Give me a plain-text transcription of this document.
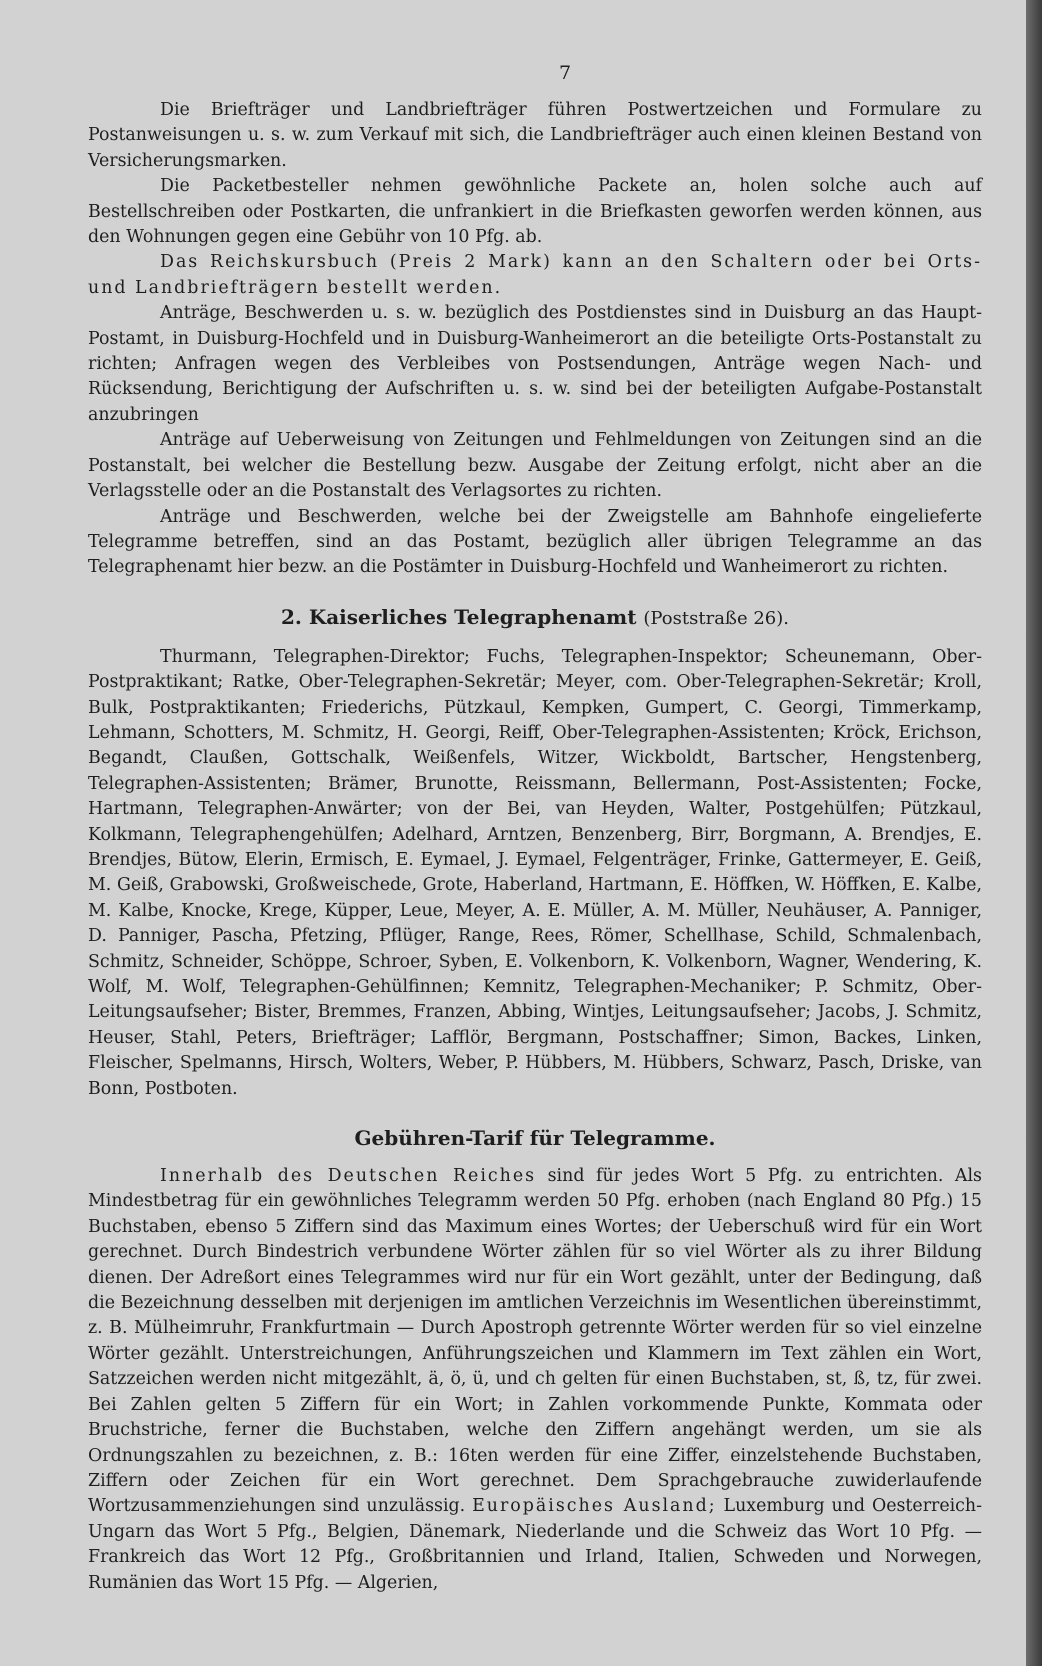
7

Die Briefträger und Landbriefträger führen Postwertzeichen und Formulare zu Postanweisungen u. s. w. zum Verkauf mit sich, die Landbriefträger auch einen kleinen Bestand von Versicherungsmarken.

Die Packetbesteller nehmen gewöhnliche Packete an, holen solche auch auf Bestellschreiben oder Postkarten, die unfrankiert in die Briefkasten geworfen werden können, aus den Wohnungen gegen eine Gebühr von 10 Pfg. ab.

Das Reichskursbuch (Preis 2 Mark) kann an den Schaltern oder bei Orts- und Landbriefträgern bestellt werden.

Anträge, Beschwerden u. s. w. bezüglich des Postdienstes sind in Duisburg an das Haupt-Postamt, in Duisburg-Hochfeld und in Duisburg-Wanheimerort an die beteiligte Orts-Postanstalt zu richten; Anfragen wegen des Verbleibes von Postsendungen, Anträge wegen Nach- und Rücksendung, Berichtigung der Aufschriften u. s. w. sind bei der beteiligten Aufgabe-Postanstalt anzubringen

Anträge auf Ueberweisung von Zeitungen und Fehlmeldungen von Zeitungen sind an die Postanstalt, bei welcher die Bestellung bezw. Ausgabe der Zeitung erfolgt, nicht aber an die Verlagsstelle oder an die Postanstalt des Verlagsortes zu richten.

Anträge und Beschwerden, welche bei der Zweigstelle am Bahnhofe eingelieferte Telegramme betreffen, sind an das Postamt, bezüglich aller übrigen Telegramme an das Telegraphenamt hier bezw. an die Postämter in Duisburg-Hochfeld und Wanheimerort zu richten.

2. Kaiserliches Telegraphenamt (Poststraße 26).

Thurmann, Telegraphen-Direktor; Fuchs, Telegraphen-Inspektor; Scheunemann, Ober-Postpraktikant; Ratke, Ober-Telegraphen-Sekretär; Meyer, com. Ober-Telegraphen-Sekretär; Kroll, Bulk, Postpraktikanten; Friederichs, Pützkaul, Kempken, Gumpert, C. Georgi, Timmerkamp, Lehmann, Schotters, M. Schmitz, H. Georgi, Reiff, Ober-Telegraphen-Assistenten; Kröck, Erichson, Begandt, Claußen, Gottschalk, Weißenfels, Witzer, Wickboldt, Bartscher, Hengstenberg, Telegraphen-Assistenten; Brämer, Brunotte, Reissmann, Bellermann, Post-Assistenten; Focke, Hartmann, Telegraphen-Anwärter; von der Bei, van Heyden, Walter, Postgehülfen; Pützkaul, Kolkmann, Telegraphengehülfen; Adelhard, Arntzen, Benzenberg, Birr, Borgmann, A. Brendjes, E. Brendjes, Bütow, Elerin, Ermisch, E. Eymael, J. Eymael, Felgenträger, Frinke, Gattermeyer, E. Geiß, M. Geiß, Grabowski, Großweischede, Grote, Haberland, Hartmann, E. Höffken, W. Höffken, E. Kalbe, M. Kalbe, Knocke, Krege, Küpper, Leue, Meyer, A. E. Müller, A. M. Müller, Neuhäuser, A. Panniger, D. Panniger, Pascha, Pfetzing, Pflüger, Range, Rees, Römer, Schellhase, Schild, Schmalenbach, Schmitz, Schneider, Schöppe, Schroer, Syben, E. Volkenborn, K. Volkenborn, Wagner, Wendering, K. Wolf, M. Wolf, Telegraphen-Gehülfinnen; Kemnitz, Telegraphen-Mechaniker; P. Schmitz, Ober-Leitungsaufseher; Bister, Bremmes, Franzen, Abbing, Wintjes, Leitungsaufseher; Jacobs, J. Schmitz, Heuser, Stahl, Peters, Briefträger; Lafflör, Bergmann, Postschaffner; Simon, Backes, Linken, Fleischer, Spelmanns, Hirsch, Wolters, Weber, P. Hübbers, M. Hübbers, Schwarz, Pasch, Driske, van Bonn, Postboten.

Gebühren-Tarif für Telegramme.

Innerhalb des Deutschen Reiches sind für jedes Wort 5 Pfg. zu entrichten. Als Mindestbetrag für ein gewöhnliches Telegramm werden 50 Pfg. erhoben (nach England 80 Pfg.) 15 Buchstaben, ebenso 5 Ziffern sind das Maximum eines Wortes; der Ueberschuß wird für ein Wort gerechnet. Durch Bindestrich verbundene Wörter zählen für so viel Wörter als zu ihrer Bildung dienen. Der Adreßort eines Telegrammes wird nur für ein Wort gezählt, unter der Bedingung, daß die Bezeichnung desselben mit derjenigen im amtlichen Verzeichnis im Wesentlichen übereinstimmt, z. B. Mülheimruhr, Frankfurtmain — Durch Apostroph getrennte Wörter werden für so viel einzelne Wörter gezählt. Unterstreichungen, Anführungszeichen und Klammern im Text zählen ein Wort, Satzzeichen werden nicht mitgezählt, ä, ö, ü, und ch gelten für einen Buchstaben, st, ß, tz, für zwei. Bei Zahlen gelten 5 Ziffern für ein Wort; in Zahlen vorkommende Punkte, Kommata oder Bruchstriche, ferner die Buchstaben, welche den Ziffern angehängt werden, um sie als Ordnungszahlen zu bezeichnen, z. B.: 16ten werden für eine Ziffer, einzelstehende Buchstaben, Ziffern oder Zeichen für ein Wort gerechnet. Dem Sprachgebrauche zuwiderlaufende Wortzusammenziehungen sind unzulässig. Europäisches Ausland; Luxemburg und Oesterreich-Ungarn das Wort 5 Pfg., Belgien, Dänemark, Niederlande und die Schweiz das Wort 10 Pfg. — Frankreich das Wort 12 Pfg., Großbritannien und Irland, Italien, Schweden und Norwegen, Rumänien das Wort 15 Pfg. — Algerien,
